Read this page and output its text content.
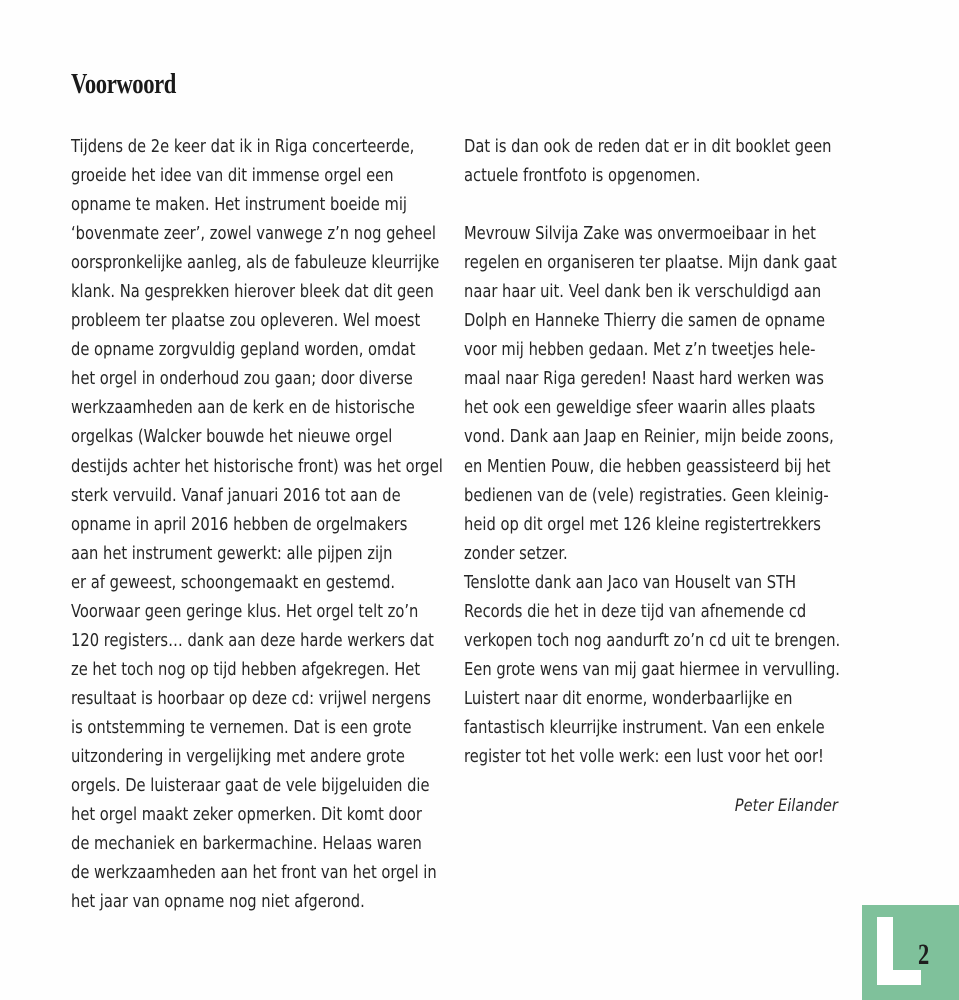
Voorwoord
Tijdens de 2e keer dat ik in Riga concerteerde,
groeide het idee van dit immense orgel een
opname te maken. Het instrument boeide mij
‘bovenmate zeer’, zowel vanwege z’n nog geheel
oorspronkelijke aanleg, als de fabuleuze kleurrijke
klank. Na gesprekken hierover bleek dat dit geen
probleem ter plaatse zou opleveren. Wel moest
de opname zorgvuldig gepland worden, omdat
het orgel in onderhoud zou gaan; door diverse
werkzaamheden aan de kerk en de historische
orgelkas (Walcker bouwde het nieuwe orgel
destijds achter het historische front) was het orgel
sterk vervuild. Vanaf januari 2016 tot aan de
opname in april 2016 hebben de orgelmakers
aan het instrument gewerkt: alle pijpen zijn
er af geweest, schoongemaakt en gestemd.
Voorwaar geen geringe klus. Het orgel telt zo’n
120 registers… dank aan deze harde werkers dat
ze het toch nog op tijd hebben afgekregen. Het
resultaat is hoorbaar op deze cd: vrijwel nergens
is ontstemming te vernemen. Dat is een grote
uitzondering in vergelijking met andere grote
orgels. De luisteraar gaat de vele bijgeluiden die
het orgel maakt zeker opmerken. Dit komt door
de mechaniek en barkermachine. Helaas waren
de werkzaamheden aan het front van het orgel in
het jaar van opname nog niet afgerond.
Dat is dan ook de reden dat er in dit booklet geen
actuele frontfoto is opgenomen.
Mevrouw Silvija Zake was onvermoeibaar in het
regelen en organiseren ter plaatse. Mijn dank gaat
naar haar uit. Veel dank ben ik verschuldigd aan
Dolph en Hanneke Thierry die samen de opname
voor mij hebben gedaan. Met z’n tweetjes hele-
maal naar Riga gereden! Naast hard werken was
het ook een geweldige sfeer waarin alles plaats
vond. Dank aan Jaap en Reinier, mijn beide zoons,
en Mentien Pouw, die hebben geassisteerd bij het
bedienen van de (vele) registraties. Geen kleinig-
heid op dit orgel met 126 kleine registertrekkers
zonder setzer.
Tenslotte dank aan Jaco van Houselt van STH
Records die het in deze tijd van afnemende cd
verkopen toch nog aandurft zo’n cd uit te brengen.
Een grote wens van mij gaat hiermee in vervulling.
Luistert naar dit enorme, wonderbaarlijke en
fantastisch kleurrijke instrument. Van een enkele
register tot het volle werk: een lust voor het oor!
Peter Eilander
2
